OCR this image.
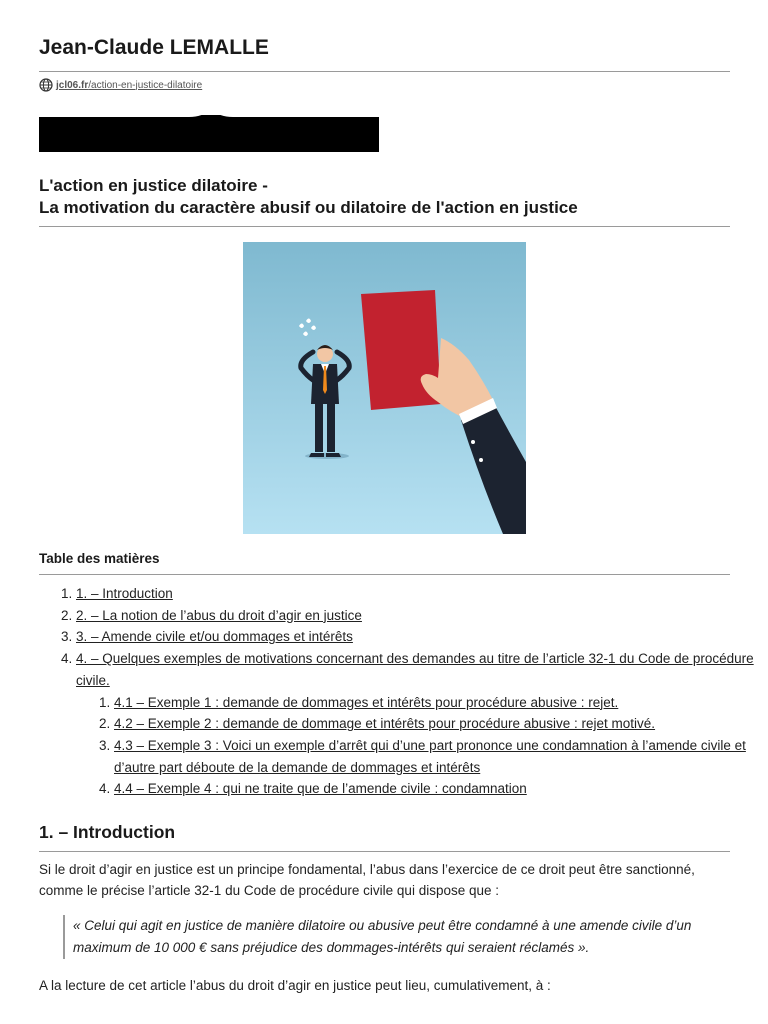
Jean-Claude LEMALLE
jcl06.fr/action-en-justice-dilatoire
L'action en justice dilatoire -
La motivation du caractère abusif ou dilatoire de l'action en justice
Table des matières
1. 1. – Introduction
2. 2. – La notion de l’abus du droit d’agir en justice
3. 3. – Amende civile et/ou dommages et intérêts
4. 4. – Quelques exemples de motivations concernant des demandes au titre de l’article 32-1 du Code de procédure civile.
1. 4.1 – Exemple 1 : demande de dommages et intérêts pour procédure abusive : rejet.
2. 4.2 – Exemple 2 : demande de dommage et intérêts pour procédure abusive : rejet motivé.
3. 4.3 – Exemple 3 : Voici un exemple d’arrêt qui d’une part prononce une condamnation à l’amende civile et d’autre part déboute de la demande de dommages et intérêts
4. 4.4 – Exemple 4 : qui ne traite que de l’amende civile : condamnation
1. – Introduction

Si le droit d’agir en justice est un principe fondamental, l’abus dans l’exercice de ce droit peut être sanctionné, comme le précise l’article 32-1 du Code de procédure civile qui dispose que :

« Celui qui agit en justice de manière dilatoire ou abusive peut être condamné à une amende civile d’un maximum de 10 000 € sans préjudice des dommages-intérêts qui seraient réclamés ».

A la lecture de cet article l’abus du droit d’agir en justice peut lieu, cumulativement, à :
